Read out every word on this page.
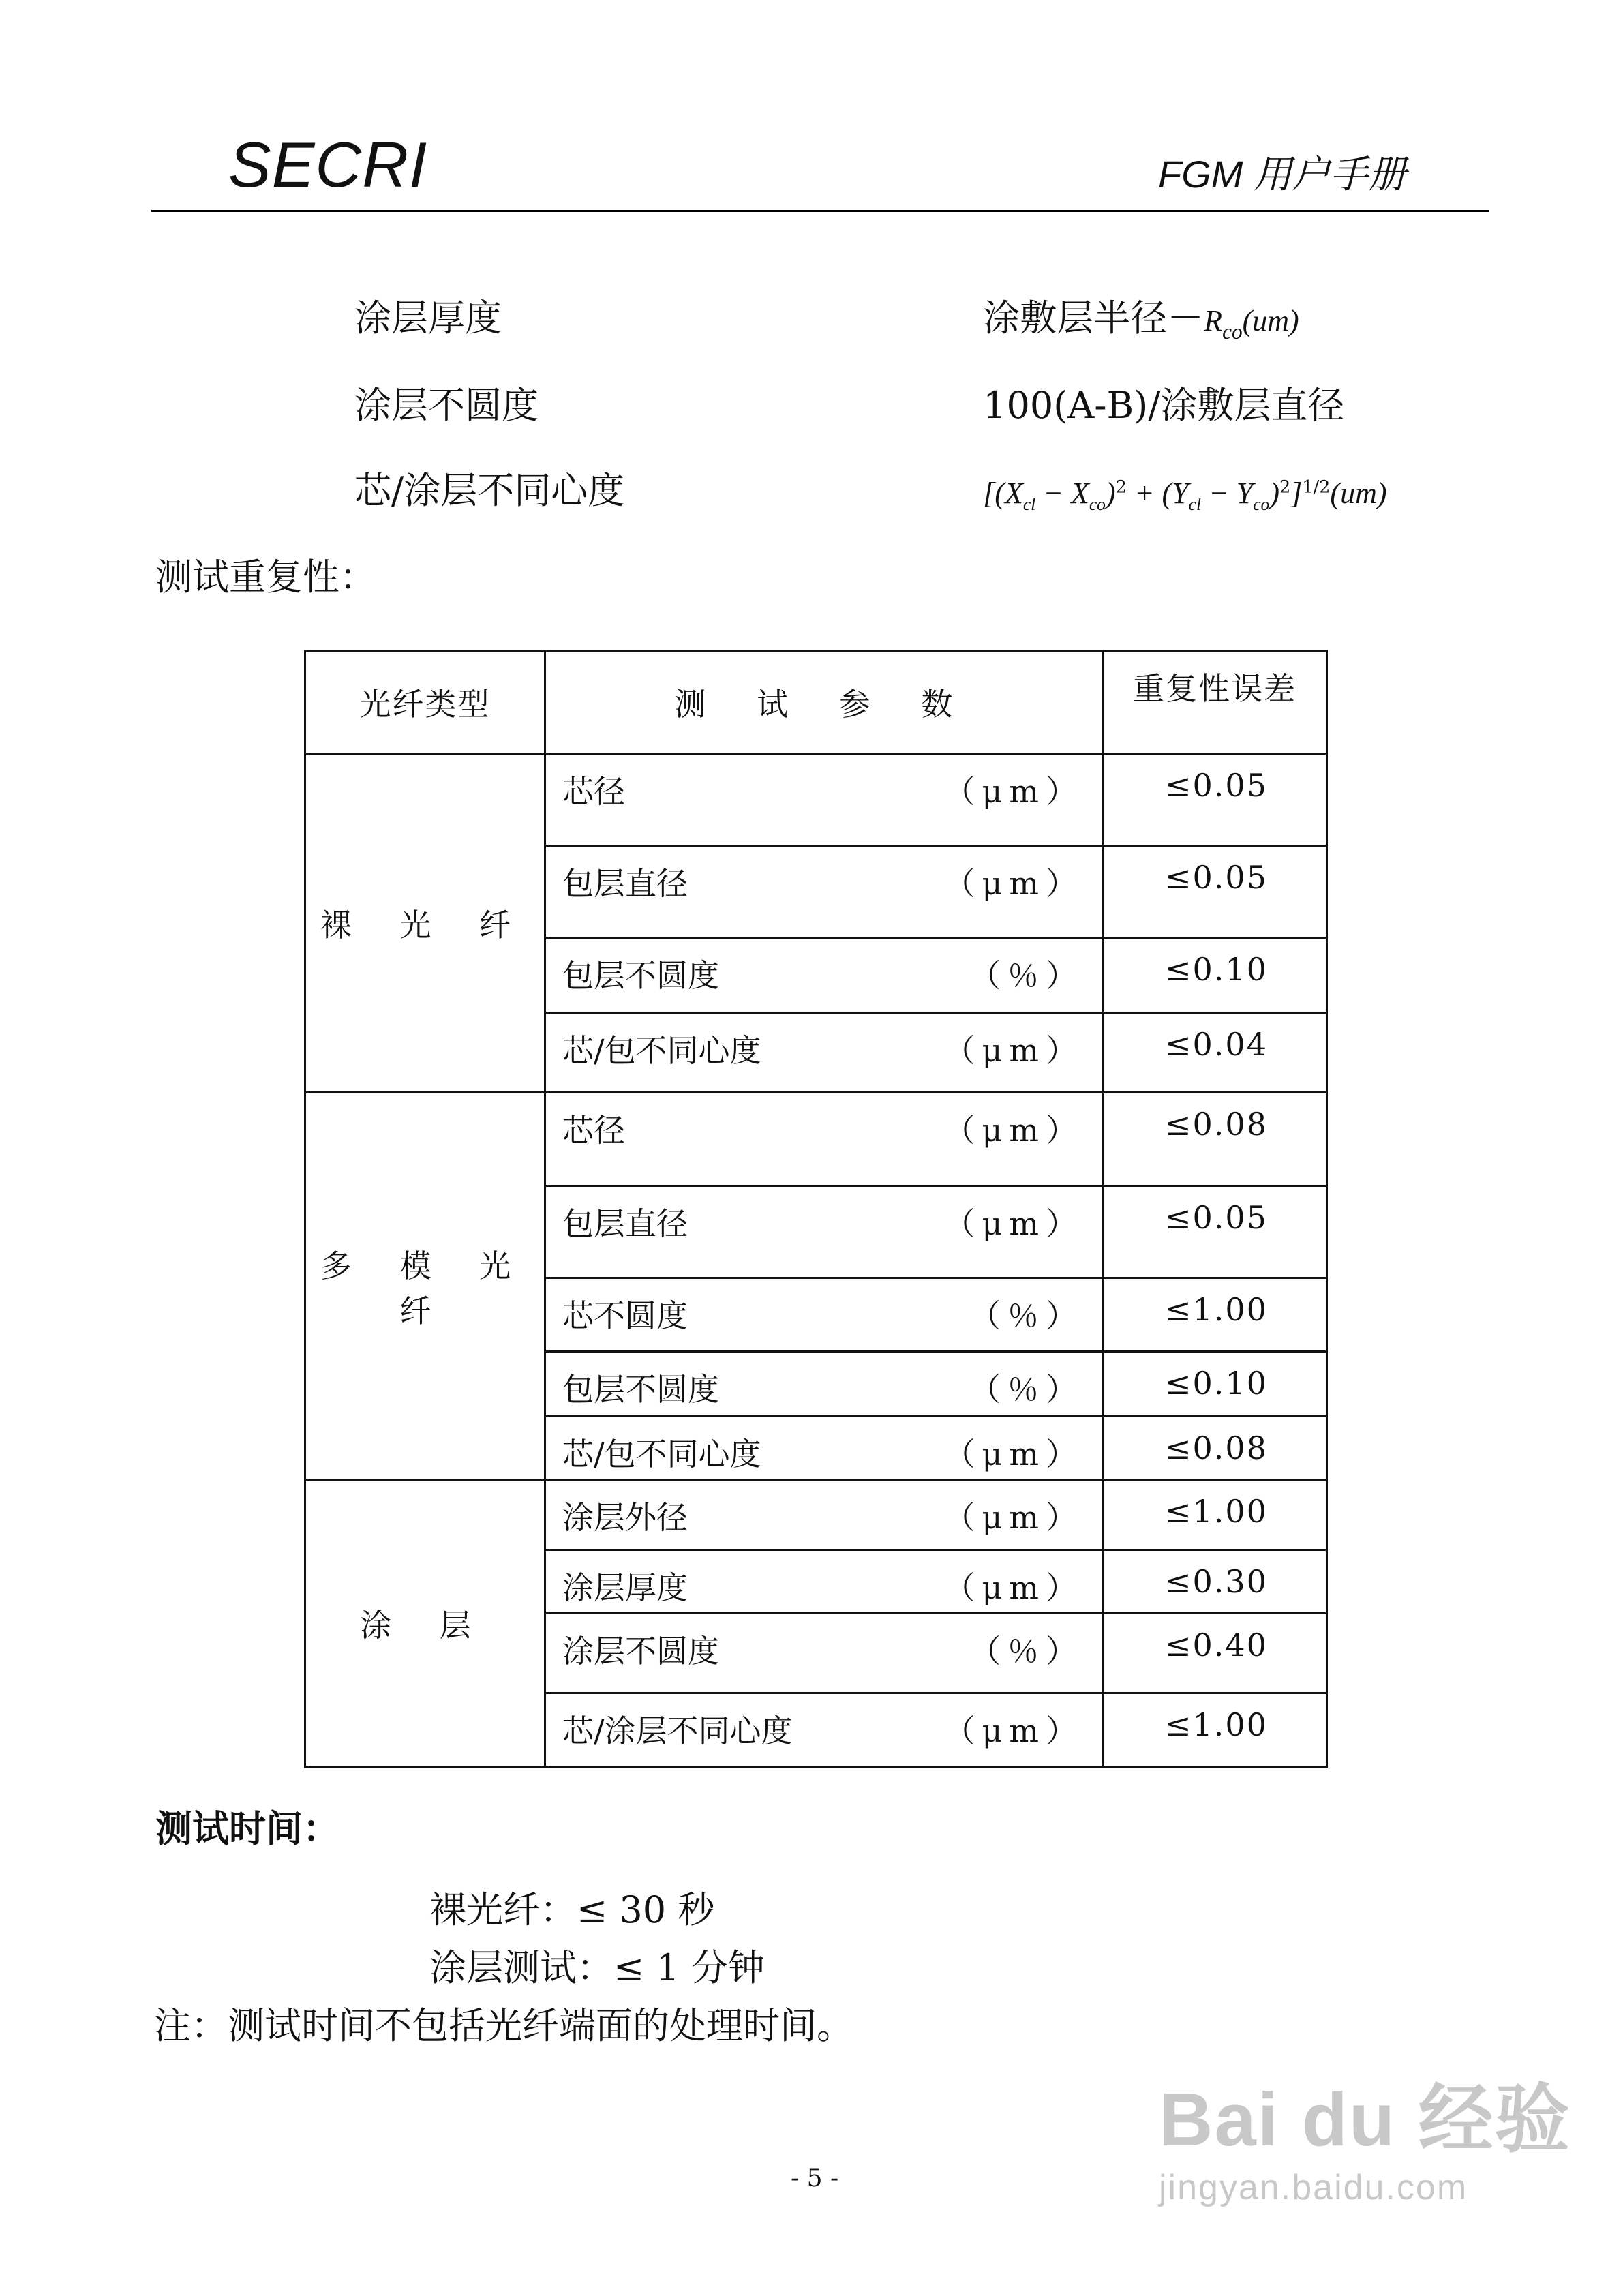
SECRI	FGM 用户手册
涂层厚度	涂敷层半径$-R_{co}(um)$
涂层不圆度	100(A-B)/涂敷层直径
芯/涂层不同心度	$[(X_{cl} - X_{co})^2 + (Y_{cl} - Y_{co})^2]^{1/2}(um)$
测试重复性：
光纤类型	测 试 参 数	重复性误差
裸 光 纤	芯径 （μm）	≤0.05

	包层直径 （μm）	≤0.05

	包层不圆度 （％）	≤0.10

	芯/包不同心度 （μm）	≤0.04

多 模 光 纤	芯径 （μm）	≤0.08

	包层直径 （μm）	≤0.05

	芯不圆度 （％）	≤1.00

	包层不圆度 （％）	≤0.10

	芯/包不同心度 （μm）	≤0.08

涂 层	涂层外径 （μm）	≤1.00

	涂层厚度 （μm）	≤0.30

	涂层不圆度 （％）	≤0.40

	芯/涂层不同心度 （μm）	≤1.00
测试时间：
裸光纤：≤ 30 秒
涂层测试：≤ 1 分钟
注：测试时间不包括光纤端面的处理时间。
Bai du 经验
jingyan.baidu.com
- 5 -
